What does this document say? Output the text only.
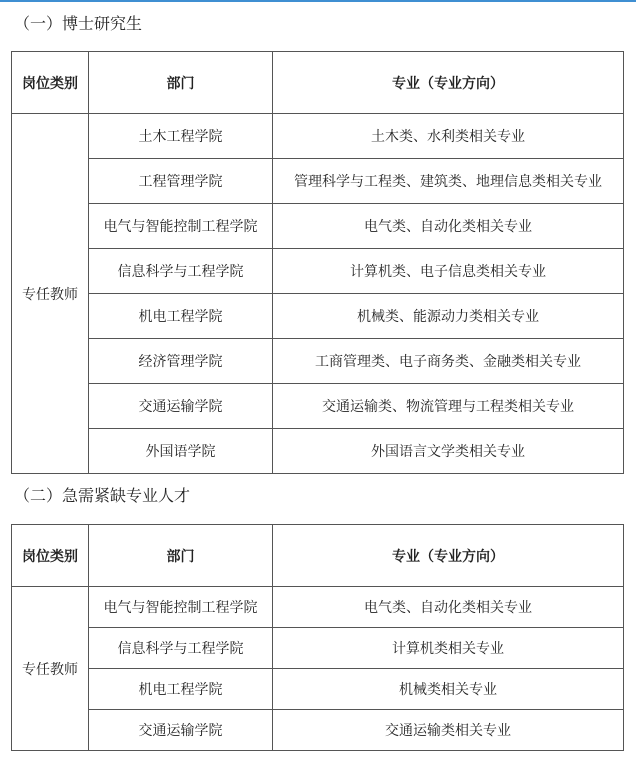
（一）博士研究生
岗位类别	部门	专业（专业方向）
专任教师	土木工程学院	土木类、水利类相关专业
	工程管理学院	管理科学与工程类、建筑类、地理信息类相关专业
	电气与智能控制工程学院	电气类、自动化类相关专业
	信息科学与工程学院	计算机类、电子信息类相关专业
	机电工程学院	机械类、能源动力类相关专业
	经济管理学院	工商管理类、电子商务类、金融类相关专业
	交通运输学院	交通运输类、物流管理与工程类相关专业
	外国语学院	外国语言文学类相关专业
（二）急需紧缺专业人才
岗位类别	部门	专业（专业方向）
专任教师	电气与智能控制工程学院	电气类、自动化类相关专业
	信息科学与工程学院	计算机类相关专业
	机电工程学院	机械类相关专业
	交通运输学院	交通运输类相关专业
